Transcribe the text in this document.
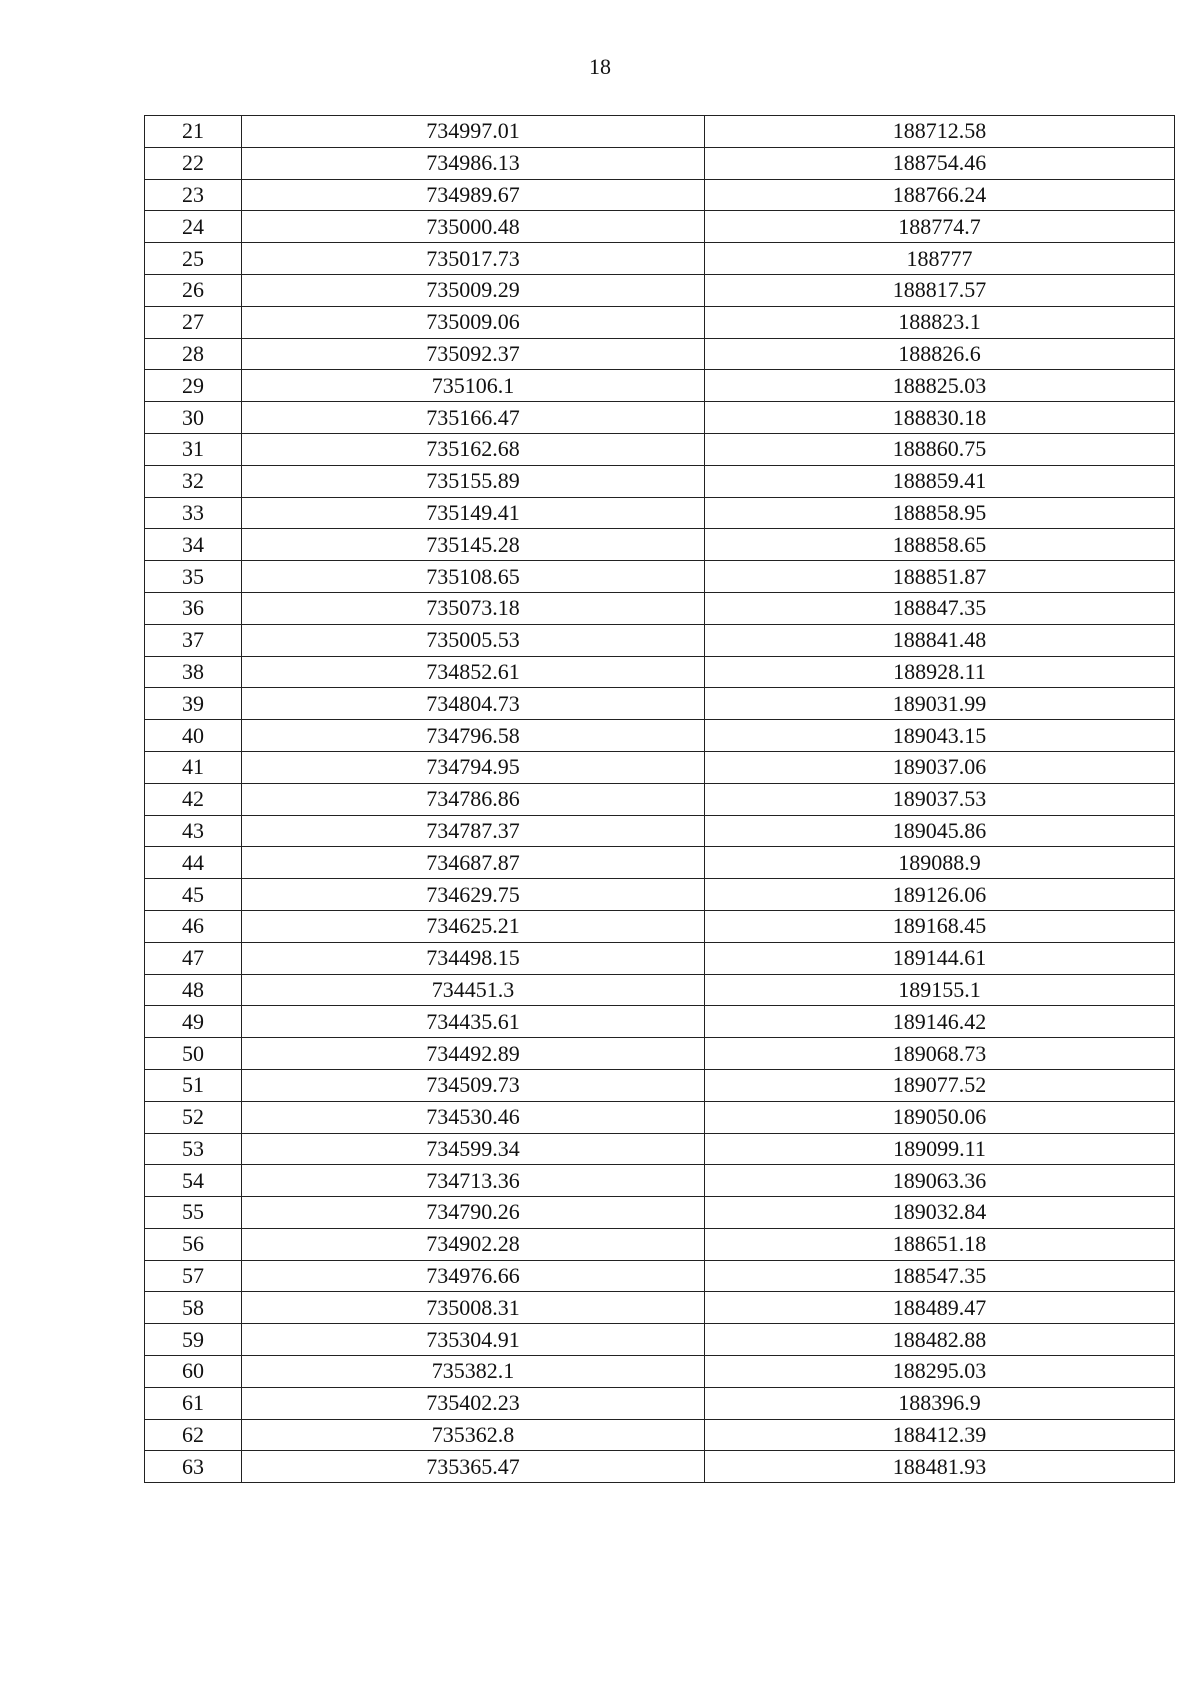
18
21	734997.01	188712.58
22	734986.13	188754.46
23	734989.67	188766.24
24	735000.48	188774.7
25	735017.73	188777
26	735009.29	188817.57
27	735009.06	188823.1
28	735092.37	188826.6
29	735106.1	188825.03
30	735166.47	188830.18
31	735162.68	188860.75
32	735155.89	188859.41
33	735149.41	188858.95
34	735145.28	188858.65
35	735108.65	188851.87
36	735073.18	188847.35
37	735005.53	188841.48
38	734852.61	188928.11
39	734804.73	189031.99
40	734796.58	189043.15
41	734794.95	189037.06
42	734786.86	189037.53
43	734787.37	189045.86
44	734687.87	189088.9
45	734629.75	189126.06
46	734625.21	189168.45
47	734498.15	189144.61
48	734451.3	189155.1
49	734435.61	189146.42
50	734492.89	189068.73
51	734509.73	189077.52
52	734530.46	189050.06
53	734599.34	189099.11
54	734713.36	189063.36
55	734790.26	189032.84
56	734902.28	188651.18
57	734976.66	188547.35
58	735008.31	188489.47
59	735304.91	188482.88
60	735382.1	188295.03
61	735402.23	188396.9
62	735362.8	188412.39
63	735365.47	188481.93
